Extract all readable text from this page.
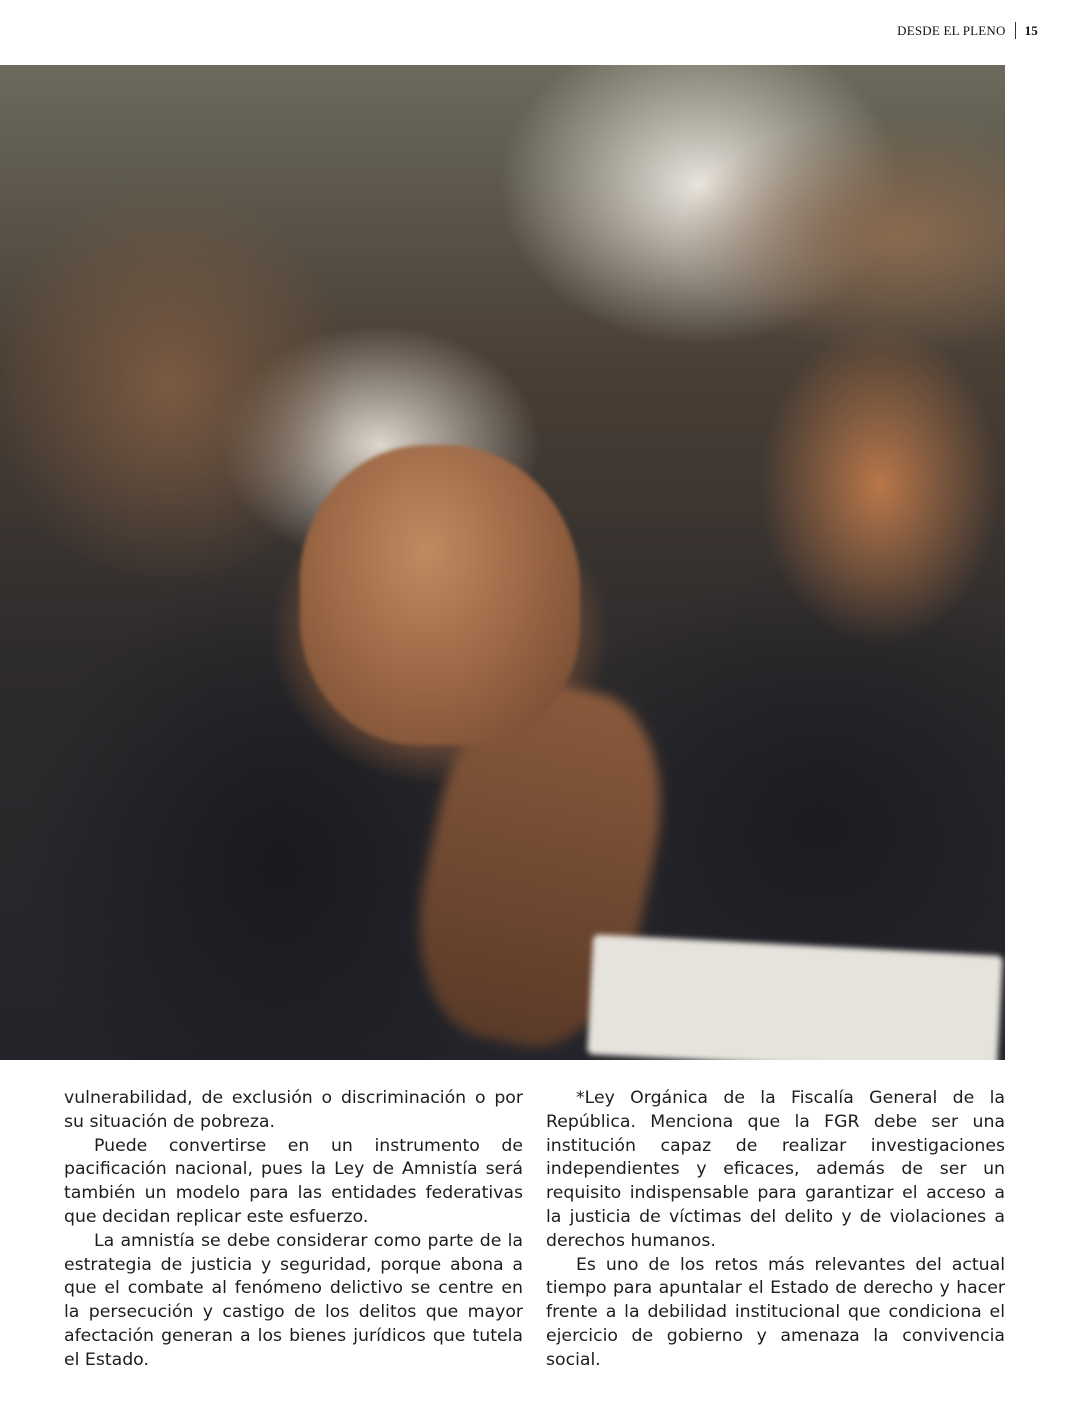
DESDE EL PLENO 15

vulnerabilidad, de exclusión o discriminación o por su situación de pobreza.

Puede convertirse en un instrumento de pacificación nacional, pues la Ley de Amnistía será también un modelo para las entidades federativas que decidan replicar este esfuerzo.

La amnistía se debe considerar como parte de la estrategia de justicia y seguridad, porque abona a que el combate al fenómeno delictivo se centre en la persecución y castigo de los delitos que mayor afectación generan a los bienes jurídicos que tutela el Estado.

*Ley Orgánica de la Fiscalía General de la República. Menciona que la FGR debe ser una institución capaz de realizar investigaciones independientes y eficaces, además de ser un requisito indispensable para garantizar el acceso a la justicia de víctimas del delito y de violaciones a derechos humanos.

Es uno de los retos más relevantes del actual tiempo para apuntalar el Estado de derecho y hacer frente a la debilidad institucional que condiciona el ejercicio de gobierno y amenaza la convivencia social.
